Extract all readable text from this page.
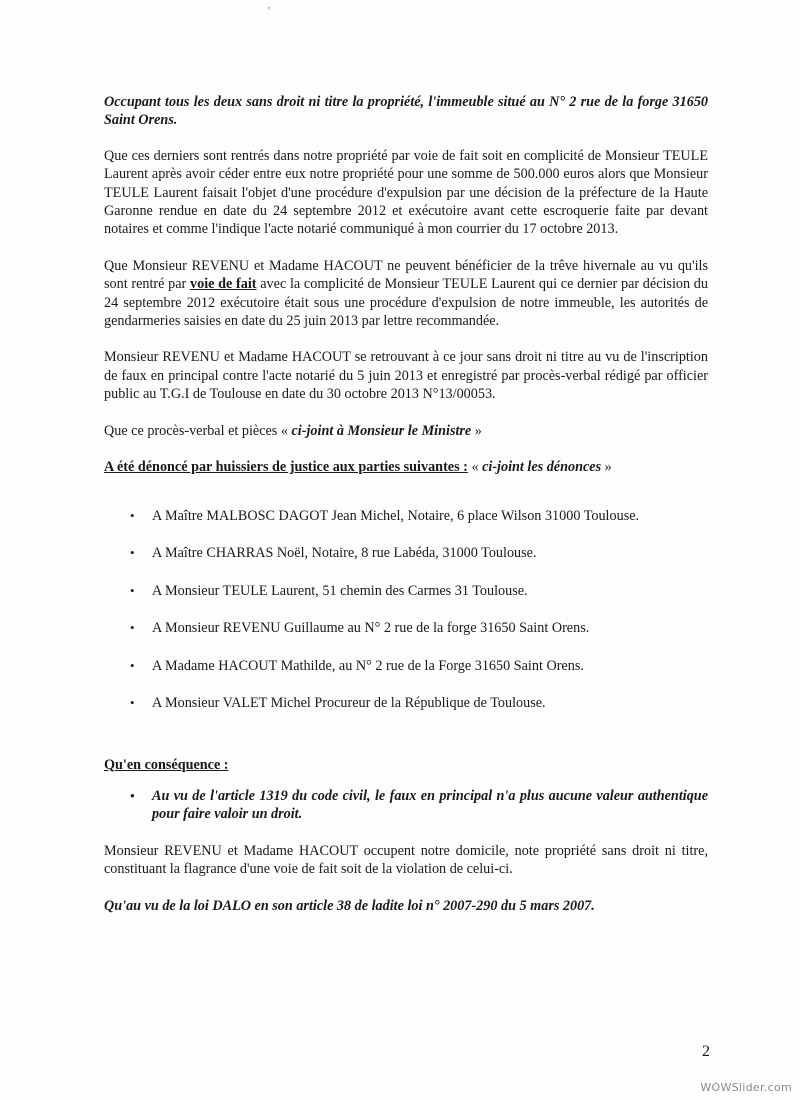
'

Occupant tous les deux sans droit ni titre la propriété, l'immeuble situé au N° 2 rue de la forge 31650 Saint Orens.

Que ces derniers sont rentrés dans notre propriété par voie de fait soit en complicité de Monsieur TEULE Laurent après avoir céder entre eux notre propriété pour une somme de 500.000 euros alors que Monsieur TEULE Laurent faisait l'objet d'une procédure d'expulsion par une décision de la préfecture de la Haute Garonne rendue en date du 24 septembre 2012 et exécutoire avant cette escroquerie faite par devant notaires et comme l'indique l'acte notarié communiqué à mon courrier du 17 octobre 2013.

Que Monsieur REVENU et Madame HACOUT ne peuvent bénéficier de la trêve hivernale au vu qu'ils sont rentré par voie de fait avec la complicité de Monsieur TEULE Laurent qui ce dernier par décision du 24 septembre 2012 exécutoire était sous une procédure d'expulsion de notre immeuble, les autorités de gendarmeries saisies en date du 25 juin 2013 par lettre recommandée.

Monsieur REVENU et Madame HACOUT se retrouvant à ce jour sans droit ni titre au vu de l'inscription de faux en principal contre l'acte notarié du 5 juin 2013 et enregistré par procès-verbal rédigé par officier public au T.G.I de Toulouse en date du 30 octobre 2013 N°13/00053.

Que ce procès-verbal et pièces « ci-joint à Monsieur le Ministre »

A été dénoncé par huissiers de justice aux parties suivantes : « ci-joint les dénonces »

• A Maître MALBOSC DAGOT Jean Michel, Notaire, 6 place Wilson 31000 Toulouse.
• A Maître CHARRAS Noël, Notaire, 8 rue Labéda, 31000 Toulouse.
• A Monsieur TEULE Laurent, 51 chemin des Carmes 31 Toulouse.
• A Monsieur REVENU Guillaume au N° 2 rue de la forge 31650 Saint Orens.
• A Madame HACOUT Mathilde, au N° 2 rue de la Forge 31650 Saint Orens.
• A Monsieur VALET Michel Procureur de la République de Toulouse.

Qu'en conséquence :

• Au vu de l'article 1319 du code civil, le faux en principal n'a plus aucune valeur authentique pour faire valoir un droit.

Monsieur REVENU et Madame HACOUT occupent notre domicile, note propriété sans droit ni titre, constituant la flagrance d'une voie de fait soit de la violation de celui-ci.

Qu'au vu de la loi DALO en son article 38 de ladite loi n° 2007-290 du 5 mars 2007.

2
WOWSlider.com
